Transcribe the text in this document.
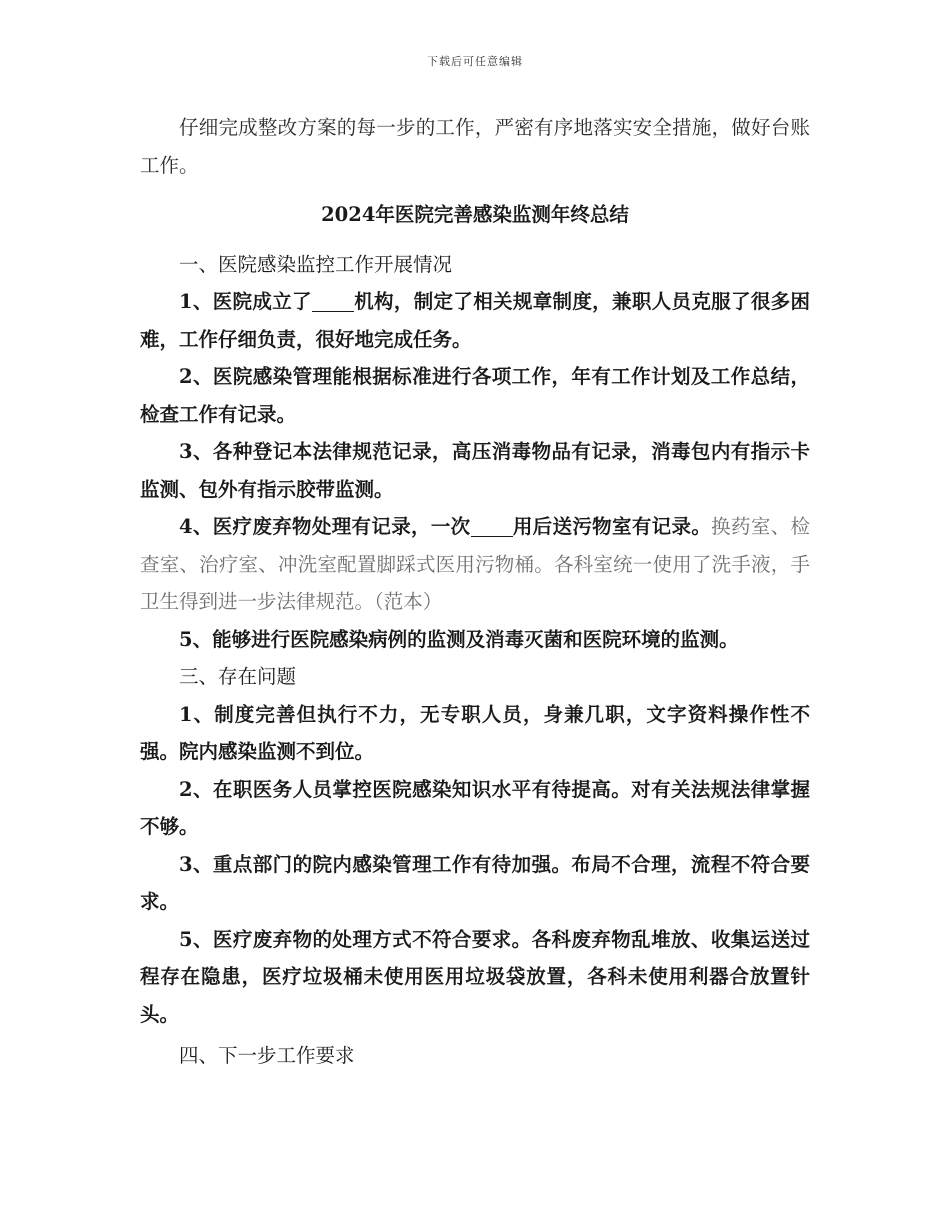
下载后可任意编辑

仔细完成整改方案的每一步的工作，严密有序地落实安全措施，做好台账工作。

2024年医院完善感染监测年终总结

一、医院感染监控工作开展情况

1、医院成立了 机构，制定了相关规章制度，兼职人员克服了很多困难，工作仔细负责，很好地完成任务。

2、医院感染管理能根据标准进行各项工作，年有工作计划及工作总结，检查工作有记录。

3、各种登记本法律规范记录，高压消毒物品有记录，消毒包内有指示卡监测、包外有指示胶带监测。

4、医疗废弃物处理有记录，一次 用后送污物室有记录。换药室、检查室、治疗室、冲洗室配置脚踩式医用污物桶。各科室统一使用了洗手液，手卫生得到进一步法律规范。（范本）

5、能够进行医院感染病例的监测及消毒灭菌和医院环境的监测。

三、存在问题

1、制度完善但执行不力，无专职人员，身兼几职，文字资料操作性不强。院内感染监测不到位。

2、在职医务人员掌控医院感染知识水平有待提高。对有关法规法律掌握不够。

3、重点部门的院内感染管理工作有待加强。布局不合理，流程不符合要求。

5、医疗废弃物的处理方式不符合要求。各科废弃物乱堆放、收集运送过程存在隐患，医疗垃圾桶未使用医用垃圾袋放置，各科未使用利器合放置针头。

四、下一步工作要求
